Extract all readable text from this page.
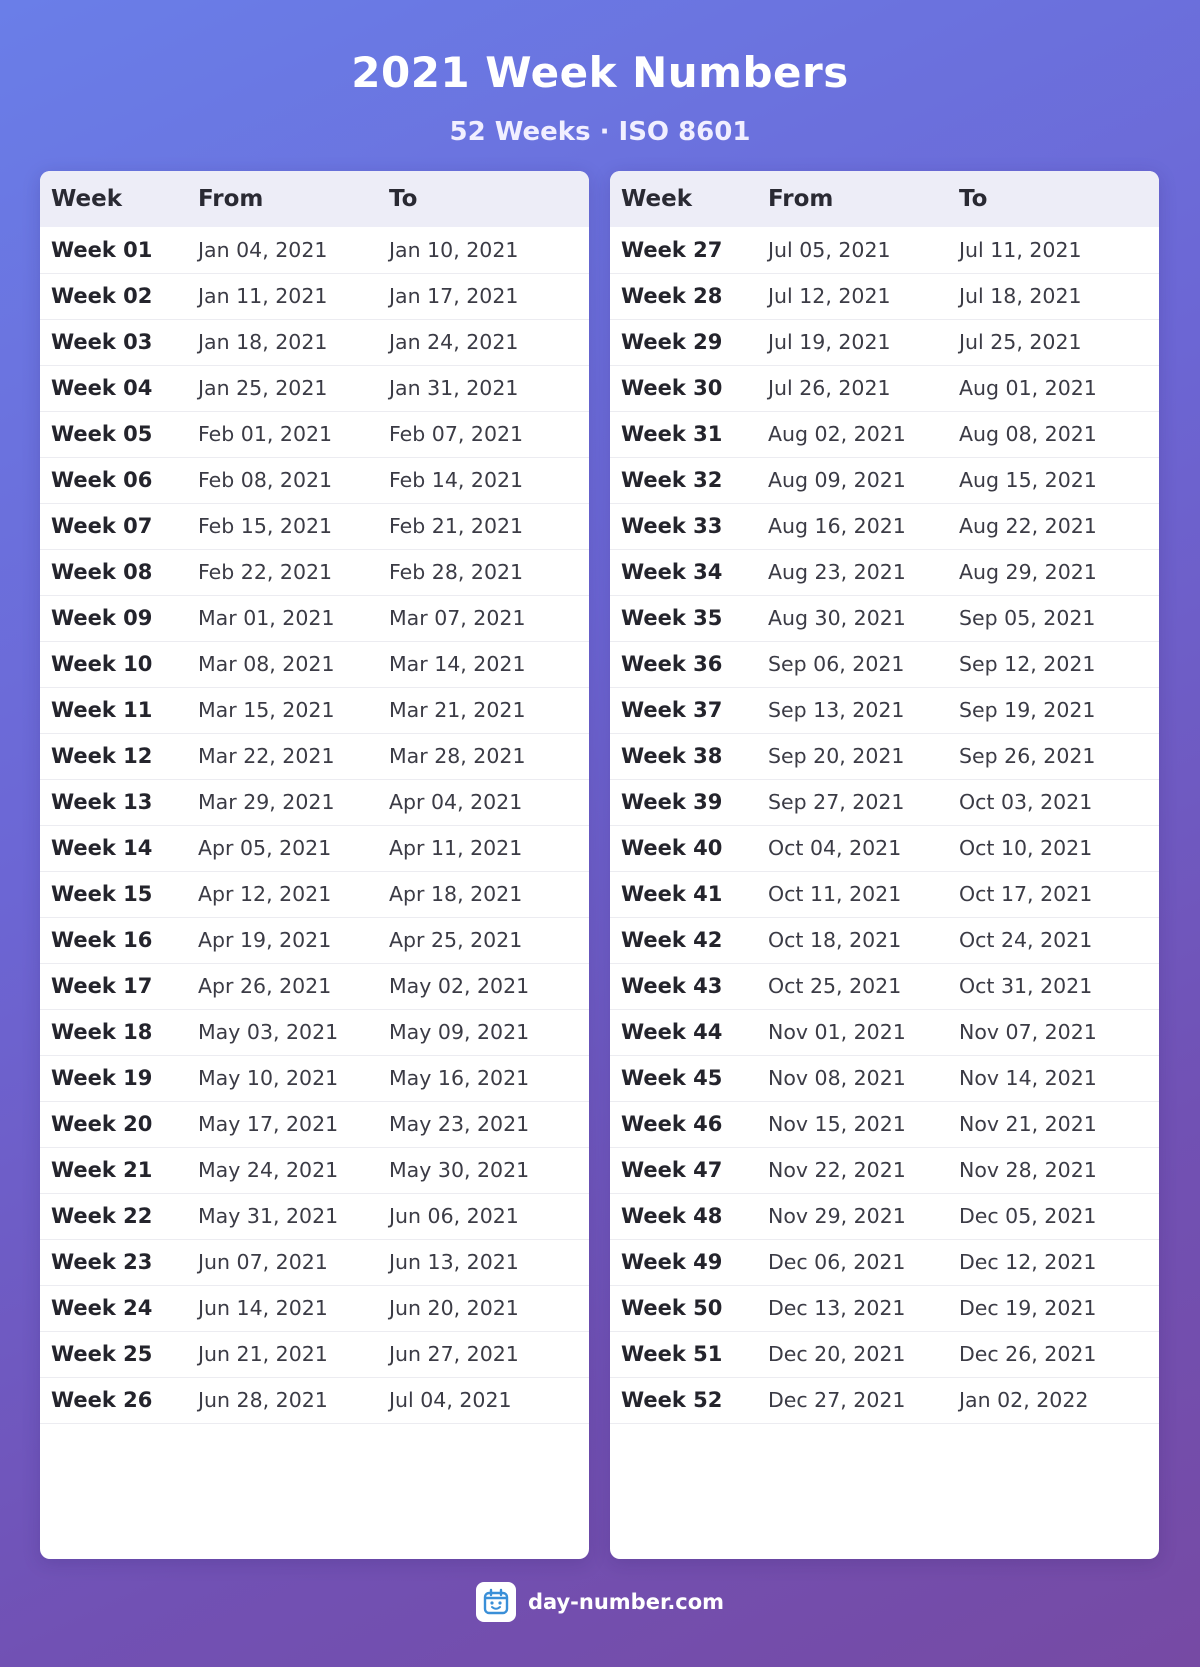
2021 Week Numbers
52 Weeks · ISO 8601
Week	From	To
Week 01	Jan 04, 2021	Jan 10, 2021
Week 02	Jan 11, 2021	Jan 17, 2021
Week 03	Jan 18, 2021	Jan 24, 2021
Week 04	Jan 25, 2021	Jan 31, 2021
Week 05	Feb 01, 2021	Feb 07, 2021
Week 06	Feb 08, 2021	Feb 14, 2021
Week 07	Feb 15, 2021	Feb 21, 2021
Week 08	Feb 22, 2021	Feb 28, 2021
Week 09	Mar 01, 2021	Mar 07, 2021
Week 10	Mar 08, 2021	Mar 14, 2021
Week 11	Mar 15, 2021	Mar 21, 2021
Week 12	Mar 22, 2021	Mar 28, 2021
Week 13	Mar 29, 2021	Apr 04, 2021
Week 14	Apr 05, 2021	Apr 11, 2021
Week 15	Apr 12, 2021	Apr 18, 2021
Week 16	Apr 19, 2021	Apr 25, 2021
Week 17	Apr 26, 2021	May 02, 2021
Week 18	May 03, 2021	May 09, 2021
Week 19	May 10, 2021	May 16, 2021
Week 20	May 17, 2021	May 23, 2021
Week 21	May 24, 2021	May 30, 2021
Week 22	May 31, 2021	Jun 06, 2021
Week 23	Jun 07, 2021	Jun 13, 2021
Week 24	Jun 14, 2021	Jun 20, 2021
Week 25	Jun 21, 2021	Jun 27, 2021
Week 26	Jun 28, 2021	Jul 04, 2021
Week	From	To
Week 27	Jul 05, 2021	Jul 11, 2021
Week 28	Jul 12, 2021	Jul 18, 2021
Week 29	Jul 19, 2021	Jul 25, 2021
Week 30	Jul 26, 2021	Aug 01, 2021
Week 31	Aug 02, 2021	Aug 08, 2021
Week 32	Aug 09, 2021	Aug 15, 2021
Week 33	Aug 16, 2021	Aug 22, 2021
Week 34	Aug 23, 2021	Aug 29, 2021
Week 35	Aug 30, 2021	Sep 05, 2021
Week 36	Sep 06, 2021	Sep 12, 2021
Week 37	Sep 13, 2021	Sep 19, 2021
Week 38	Sep 20, 2021	Sep 26, 2021
Week 39	Sep 27, 2021	Oct 03, 2021
Week 40	Oct 04, 2021	Oct 10, 2021
Week 41	Oct 11, 2021	Oct 17, 2021
Week 42	Oct 18, 2021	Oct 24, 2021
Week 43	Oct 25, 2021	Oct 31, 2021
Week 44	Nov 01, 2021	Nov 07, 2021
Week 45	Nov 08, 2021	Nov 14, 2021
Week 46	Nov 15, 2021	Nov 21, 2021
Week 47	Nov 22, 2021	Nov 28, 2021
Week 48	Nov 29, 2021	Dec 05, 2021
Week 49	Dec 06, 2021	Dec 12, 2021
Week 50	Dec 13, 2021	Dec 19, 2021
Week 51	Dec 20, 2021	Dec 26, 2021
Week 52	Dec 27, 2021	Jan 02, 2022
day-number.com
